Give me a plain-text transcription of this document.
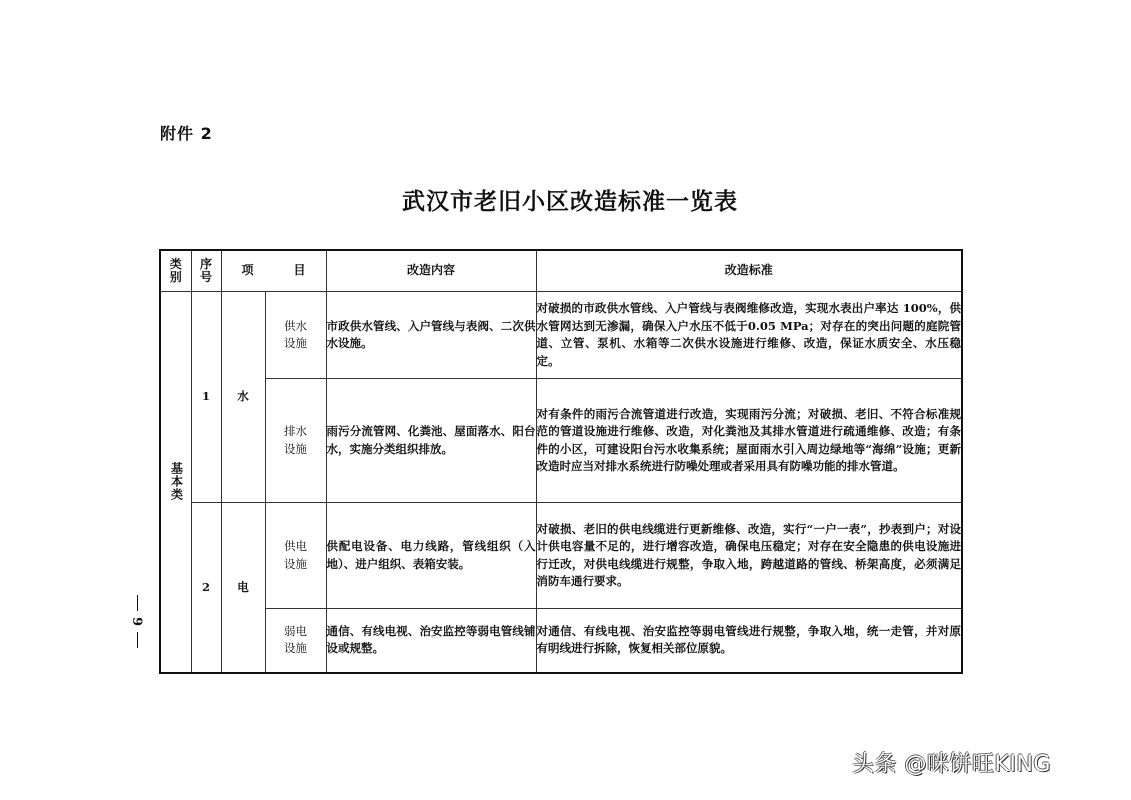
附件 2
武汉市老旧小区改造标准一览表
9
类别	序号	项 目		改造内容	改造标准

基本类	1	水	供水设施	市政供水管线、入户管线与表阀、二次供水设施。	对破损的市政供水管线、入户管线与表阀维修改造，实现水表出户率达 100%，供水管网达到无渗漏，确保入户水压不低于0.05 MPa；对存在的突出问题的庭院管道、立管、泵机、水箱等二次供水设施进行维修、改造，保证水质安全、水压稳定。

			排水设施	雨污分流管网、化粪池、屋面落水、阳台水，实施分类组织排放。	对有条件的雨污合流管道进行改造，实现雨污分流；对破损、老旧、不符合标准规范的管道设施进行维修、改造，对化粪池及其排水管道进行疏通维修、改造；有条件的小区，可建设阳台污水收集系统；屋面雨水引入周边绿地等“海绵”设施；更新改造时应当对排水系统进行防噪处理或者采用具有防噪功能的排水管道。
	2	电	供电设施	供配电设备、电力线路，管线组织（入地）、进户组织、表箱安装。	对破损、老旧的供电线缆进行更新维修、改造，实行“一户一表”，抄表到户；对设计供电容量不足的，进行增容改造，确保电压稳定；对存在安全隐患的供电设施进行迁改，对供电线缆进行规整，争取入地，跨越道路的管线、桥架高度，必须满足消防车通行要求。

			弱电设施	通信、有线电视、治安监控等弱电管线铺设或规整。	对通信、有线电视、治安监控等弱电管线进行规整，争取入地，统一走管，并对原有明线进行拆除，恢复相关部位原貌。
头条 @咪饼旺KING
